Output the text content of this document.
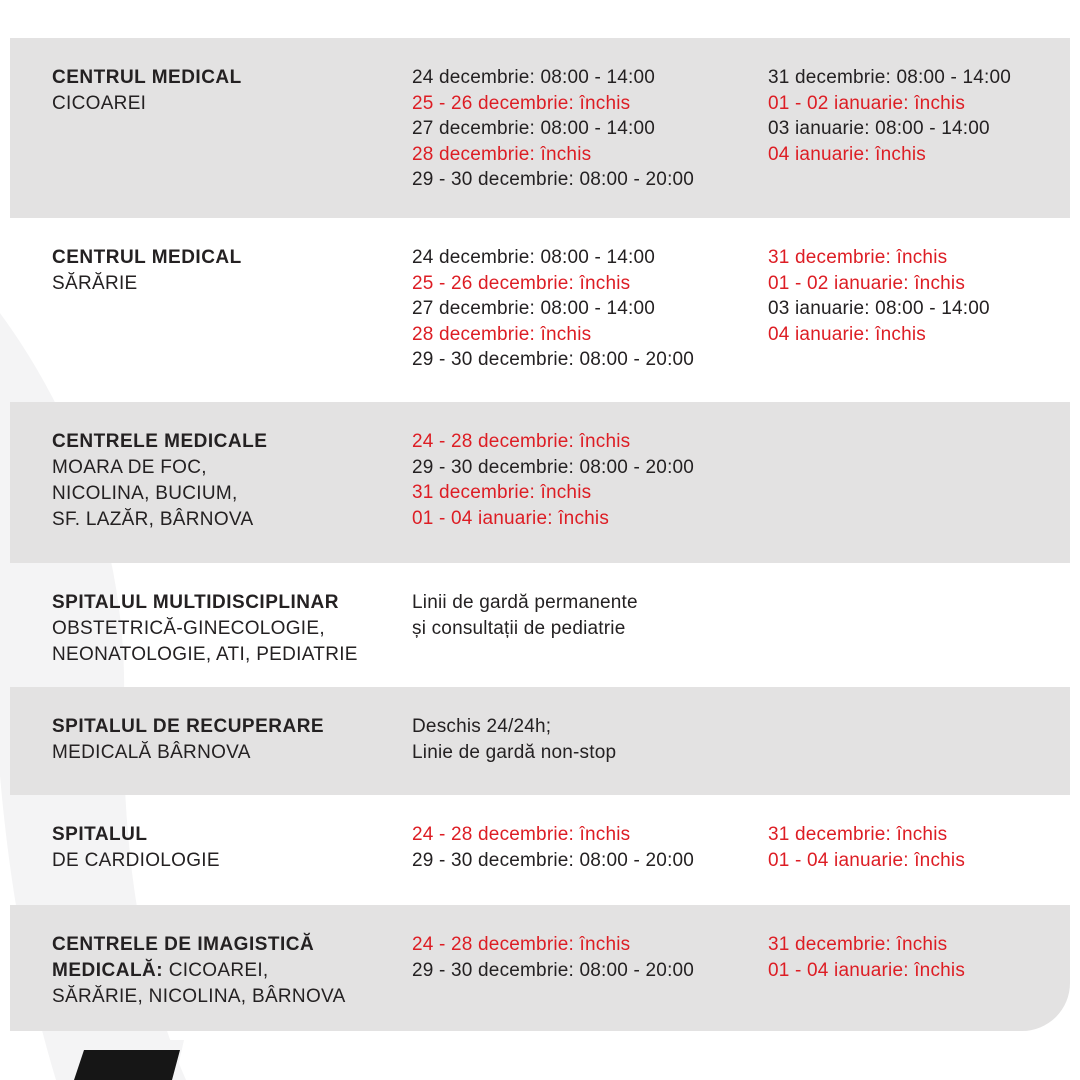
CENTRUL MEDICAL
CICOAREI
24 decembrie: 08:00 - 14:00
25 - 26 decembrie: închis
27 decembrie: 08:00 - 14:00
28 decembrie: închis
29 - 30 decembrie: 08:00 - 20:00
31 decembrie: 08:00 - 14:00
01 - 02 ianuarie: închis
03 ianuarie: 08:00 - 14:00
04 ianuarie: închis
CENTRUL MEDICAL
SĂRĂRIE
24 decembrie: 08:00 - 14:00
25 - 26 decembrie: închis
27 decembrie: 08:00 - 14:00
28 decembrie: închis
29 - 30 decembrie: 08:00 - 20:00
31 decembrie: închis
01 - 02 ianuarie: închis
03 ianuarie: 08:00 - 14:00
04 ianuarie: închis
CENTRELE MEDICALE
MOARA DE FOC,
NICOLINA, BUCIUM,
SF. LAZĂR, BÂRNOVA
24 - 28 decembrie: închis
29 - 30 decembrie: 08:00 - 20:00
31 decembrie: închis
01 - 04 ianuarie: închis
SPITALUL MULTIDISCIPLINAR
OBSTETRICĂ-GINECOLOGIE,
NEONATOLOGIE, ATI, PEDIATRIE
Linii de gardă permanente
și consultații de pediatrie
SPITALUL DE RECUPERARE
MEDICALĂ BÂRNOVA
Deschis 24/24h;
Linie de gardă non-stop
SPITALUL
DE CARDIOLOGIE
24 - 28 decembrie: închis
29 - 30 decembrie: 08:00 - 20:00
31 decembrie: închis
01 - 04 ianuarie: închis
CENTRELE DE IMAGISTICĂ
MEDICALĂ: CICOAREI,
SĂRĂRIE, NICOLINA, BÂRNOVA
24 - 28 decembrie: închis
29 - 30 decembrie: 08:00 - 20:00
31 decembrie: închis
01 - 04 ianuarie: închis
